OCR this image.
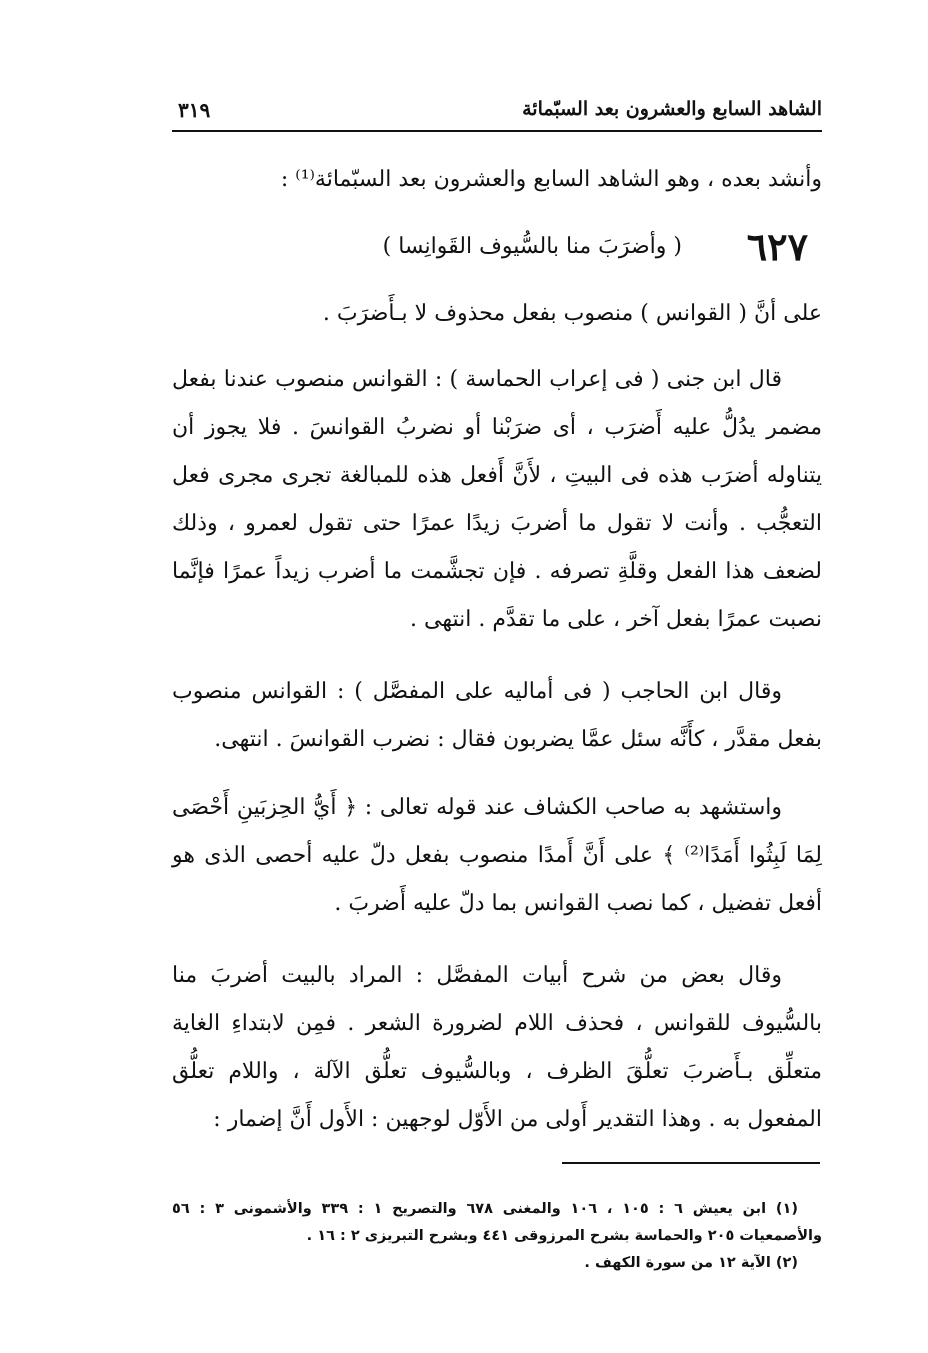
الشاهد السابع والعشرون بعد السبّمائة
٣١٩

وأنشد بعده ، وهو الشاهد السابع والعشرون بعد السبّمائة⁽¹⁾ :

٦٢٧
( وأضرَبَ منا بالسُّيوف القَوانِسا )

على أنَّ ( القوانس ) منصوب بفعل محذوف لا بـأَضرَبَ .

قال ابن جنى ( فى إعراب الحماسة ) : القوانس منصوب عندنا بفعل مضمر يدُلُّ عليه أَضرَب ، أى ضرَبْنا أو نضربُ القوانسَ . فلا يجوز أن يتناوله أضرَب هذه فى البيتِ ، لأَنَّ أَفعل هذه للمبالغة تجرى مجرى فعل التعجُّب . وأنت لا تقول ما أضربَ زيدًا عمرًا حتى تقول لعمرو ، وذلك لضعف هذا الفعل وقلَّةِ تصرفه . فإن تجشَّمت ما أضرب زيداً عمرًا فإنَّما نصبت عمرًا بفعل آخر ، على ما تقدَّم . انتهى .

وقال ابن الحاجب ( فى أماليه على المفصَّل ) : القوانس منصوب بفعل مقدَّر ، كأَنَّه سئل عمَّا يضربون فقال : نضرب القوانسَ . انتهى.

واستشهد به صاحب الكشاف عند قوله تعالى : ﴿ أَيُّ الحِزبَينِ أَحْصَى لِمَا لَبِثُوا أَمَدًا⁽²⁾ ﴾ على أَنَّ أَمدًا منصوب بفعل دلّ عليه أحصى الذى هو أفعل تفضيل ، كما نصب القوانس بما دلّ عليه أَضربَ .

وقال بعض من شرح أبيات المفصَّل : المراد بالبيت أضربَ منا بالسُّيوف للقوانس ، فحذف اللام لضرورة الشعر . فمِن لابتداءِ الغاية متعلِّق بـأَضربَ تعلُّقَ الظرف ، وبالسُّيوف تعلُّق الآلة ، واللام تعلُّق المفعول به . وهذا التقدير أَولى من الأَوّل لوجهين : الأَول أَنَّ إضمار :

(١) ابن يعيش ٦ : ١٠٥ ، ١٠٦ والمغنى ٦٧٨ والتصريح ١ : ٣٣٩ والأشمونى ٣ : ٥٦ والأصمعيات ٢٠٥ والحماسة بشرح المرزوقى ٤٤١ وبشرح التبريزى ٢ : ١٦ .

(٢) الآية ١٢ من سورة الكهف .
